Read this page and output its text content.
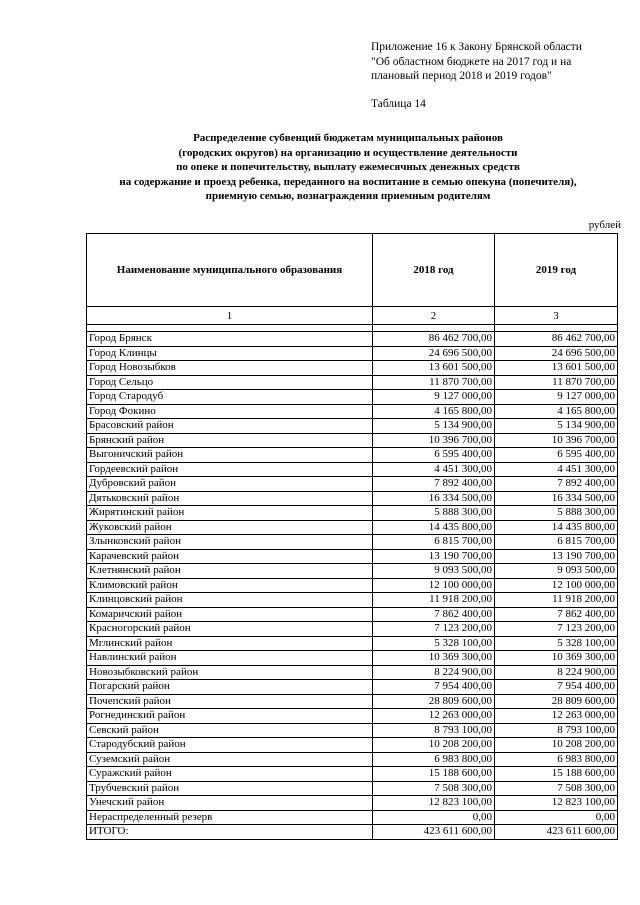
Приложение 16 к Закону Брянской области
"Об областном бюджете на 2017 год и на
плановый период 2018 и 2019 годов"
Таблица 14
Распределение субвенций бюджетам муниципальных районов
(городских округов) на организацию и осуществление деятельности
по опеке и попечительству, выплату ежемесячных денежных средств
на содержание и проезд ребенка, переданного на воспитание в семью опекуна (попечителя),
приемную семью, вознаграждения приемным родителям
рублей
Наименование муниципального образования	2018 год	2019 год
1	2	3

Город Брянск	86 462 700,00	86 462 700,00
Город Клинцы	24 696 500,00	24 696 500,00
Город Новозыбков	13 601 500,00	13 601 500,00
Город Сельцо	11 870 700,00	11 870 700,00
Город Стародуб	9 127 000,00	9 127 000,00
Город Фокино	4 165 800,00	4 165 800,00
Брасовский район	5 134 900,00	5 134 900,00
Брянский район	10 396 700,00	10 396 700,00
Выгоничский район	6 595 400,00	6 595 400,00
Гордеевский район	4 451 300,00	4 451 300,00
Дубровский район	7 892 400,00	7 892 400,00
Дятьковский район	16 334 500,00	16 334 500,00
Жирятинский район	5 888 300,00	5 888 300,00
Жуковский район	14 435 800,00	14 435 800,00
Злынковский район	6 815 700,00	6 815 700,00
Карачевский район	13 190 700,00	13 190 700,00
Клетнянский район	9 093 500,00	9 093 500,00
Климовский район	12 100 000,00	12 100 000,00
Клинцовский район	11 918 200,00	11 918 200,00
Комаричский район	7 862 400,00	7 862 400,00
Красногорский район	7 123 200,00	7 123 200,00
Мглинский район	5 328 100,00	5 328 100,00
Навлинский район	10 369 300,00	10 369 300,00
Новозыбковский район	8 224 900,00	8 224 900,00
Погарский район	7 954 400,00	7 954 400,00
Почепский район	28 809 600,00	28 809 600,00
Рогнединский район	12 263 000,00	12 263 000,00
Севский район	8 793 100,00	8 793 100,00
Стародубский район	10 208 200,00	10 208 200,00
Суземский район	6 983 800,00	6 983 800,00
Суражский район	15 188 600,00	15 188 600,00
Трубчевский район	7 508 300,00	7 508 300,00
Унечский район	12 823 100,00	12 823 100,00
Нераспределенный резерв	0,00	0,00
ИТОГО:	423 611 600,00	423 611 600,00
